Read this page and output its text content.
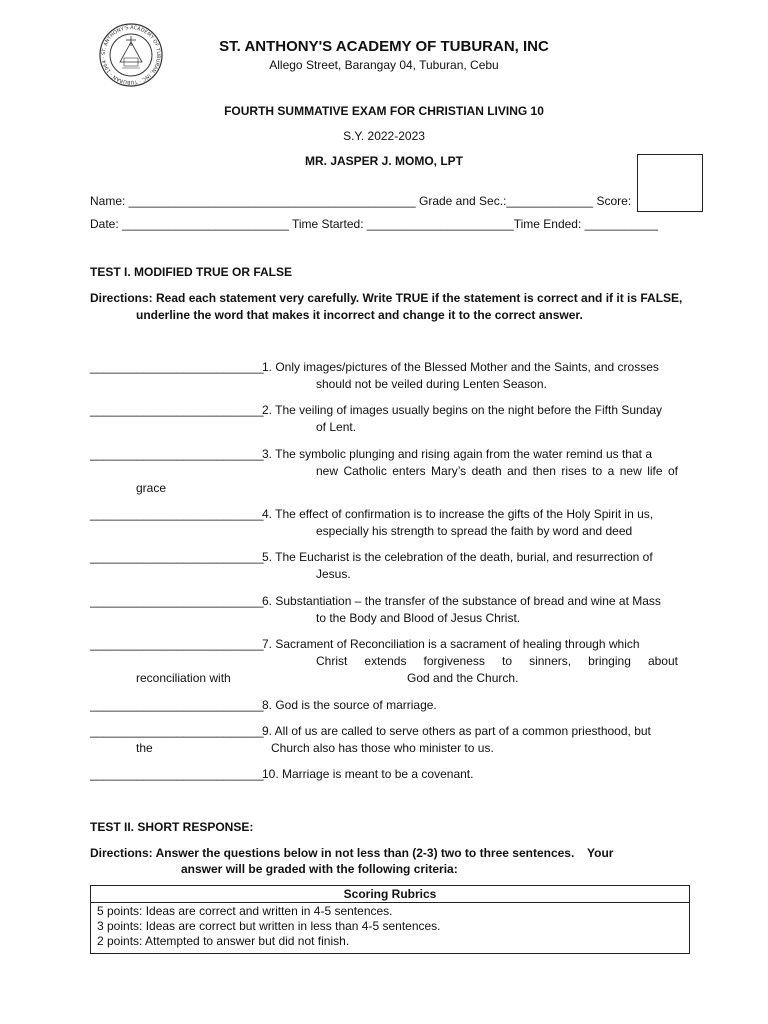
ST. ANTHONY'S ACADEMY OF TUBURAN, INC · TUBURAN · 1964 ·
ST. ANTHONY'S ACADEMY OF TUBURAN, INC
Allego Street, Barangay 04, Tuburan, Cebu
FOURTH SUMMATIVE EXAM FOR CHRISTIAN LIVING 10
S.Y. 2022-2023
MR. JASPER J. MOMO, LPT
Name: ___________________________________________ Grade and Sec.:_____________ Score:
Date: _________________________ Time Started: ______________________Time Ended: ___________
TEST I. MODIFIED TRUE OR FALSE
Directions: Read each statement very carefully. Write TRUE if the statement is correct and if it is FALSE,
underline the word that makes it incorrect and change it to the correct answer.
__________________________
1. Only images/pictures of the Blessed Mother and the Saints, and crosses
should not be veiled during Lenten Season.
__________________________
2. The veiling of images usually begins on the night before the Fifth Sunday
of Lent.
__________________________
3. The symbolic plunging and rising again from the water remind us that a
new Catholic enters Mary’s death and then rises to a new life of
grace
__________________________
4. The effect of confirmation is to increase the gifts of the Holy Spirit in us,
especially his strength to spread the faith by word and deed
__________________________
5. The Eucharist is the celebration of the death, burial, and resurrection of
Jesus.
__________________________
6. Substantiation – the transfer of the substance of bread and wine at Mass
to the Body and Blood of Jesus Christ.
__________________________
7. Sacrament of Reconciliation is a sacrament of healing through which
Christ extends forgiveness to sinners, bringing about
reconciliation with	God and the Church.
__________________________
8. God is the source of marriage.
__________________________
9. All of us are called to serve others as part of a common priesthood, but
the	Church also has those who minister to us.
__________________________
10. Marriage is meant to be a covenant.
TEST II. SHORT RESPONSE:
Directions: Answer the questions below in not less than (2-3) two to three sentences. Your
answer will be graded with the following criteria:
Scoring Rubrics

5 points: Ideas are correct and written in 4-5 sentences.
3 points: Ideas are correct but written in less than 4-5 sentences.
2 points: Attempted to answer but did not finish.
